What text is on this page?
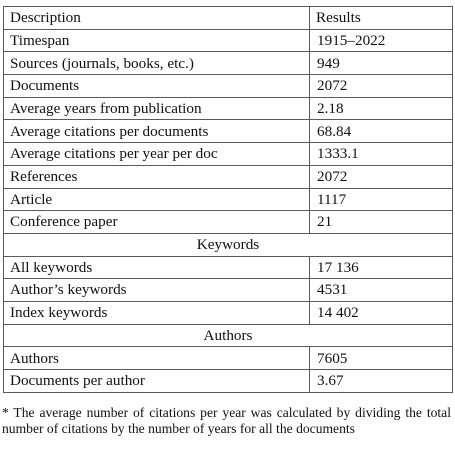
Description	Results
Timespan	1915–2022
Sources (journals, books, etc.)	949
Documents	2072
Average years from publication	2.18
Average citations per documents	68.84
Average citations per year per doc	1333.1
References	2072
Article	1117
Conference paper	21
Keywords	
All keywords	17 136
Author’s keywords	4531
Index keywords	14 402
Authors	
Authors	7605
Documents per author	3.67
* The average number of citations per year was calculated by dividing the total number of citations by the number of years for all the documents
